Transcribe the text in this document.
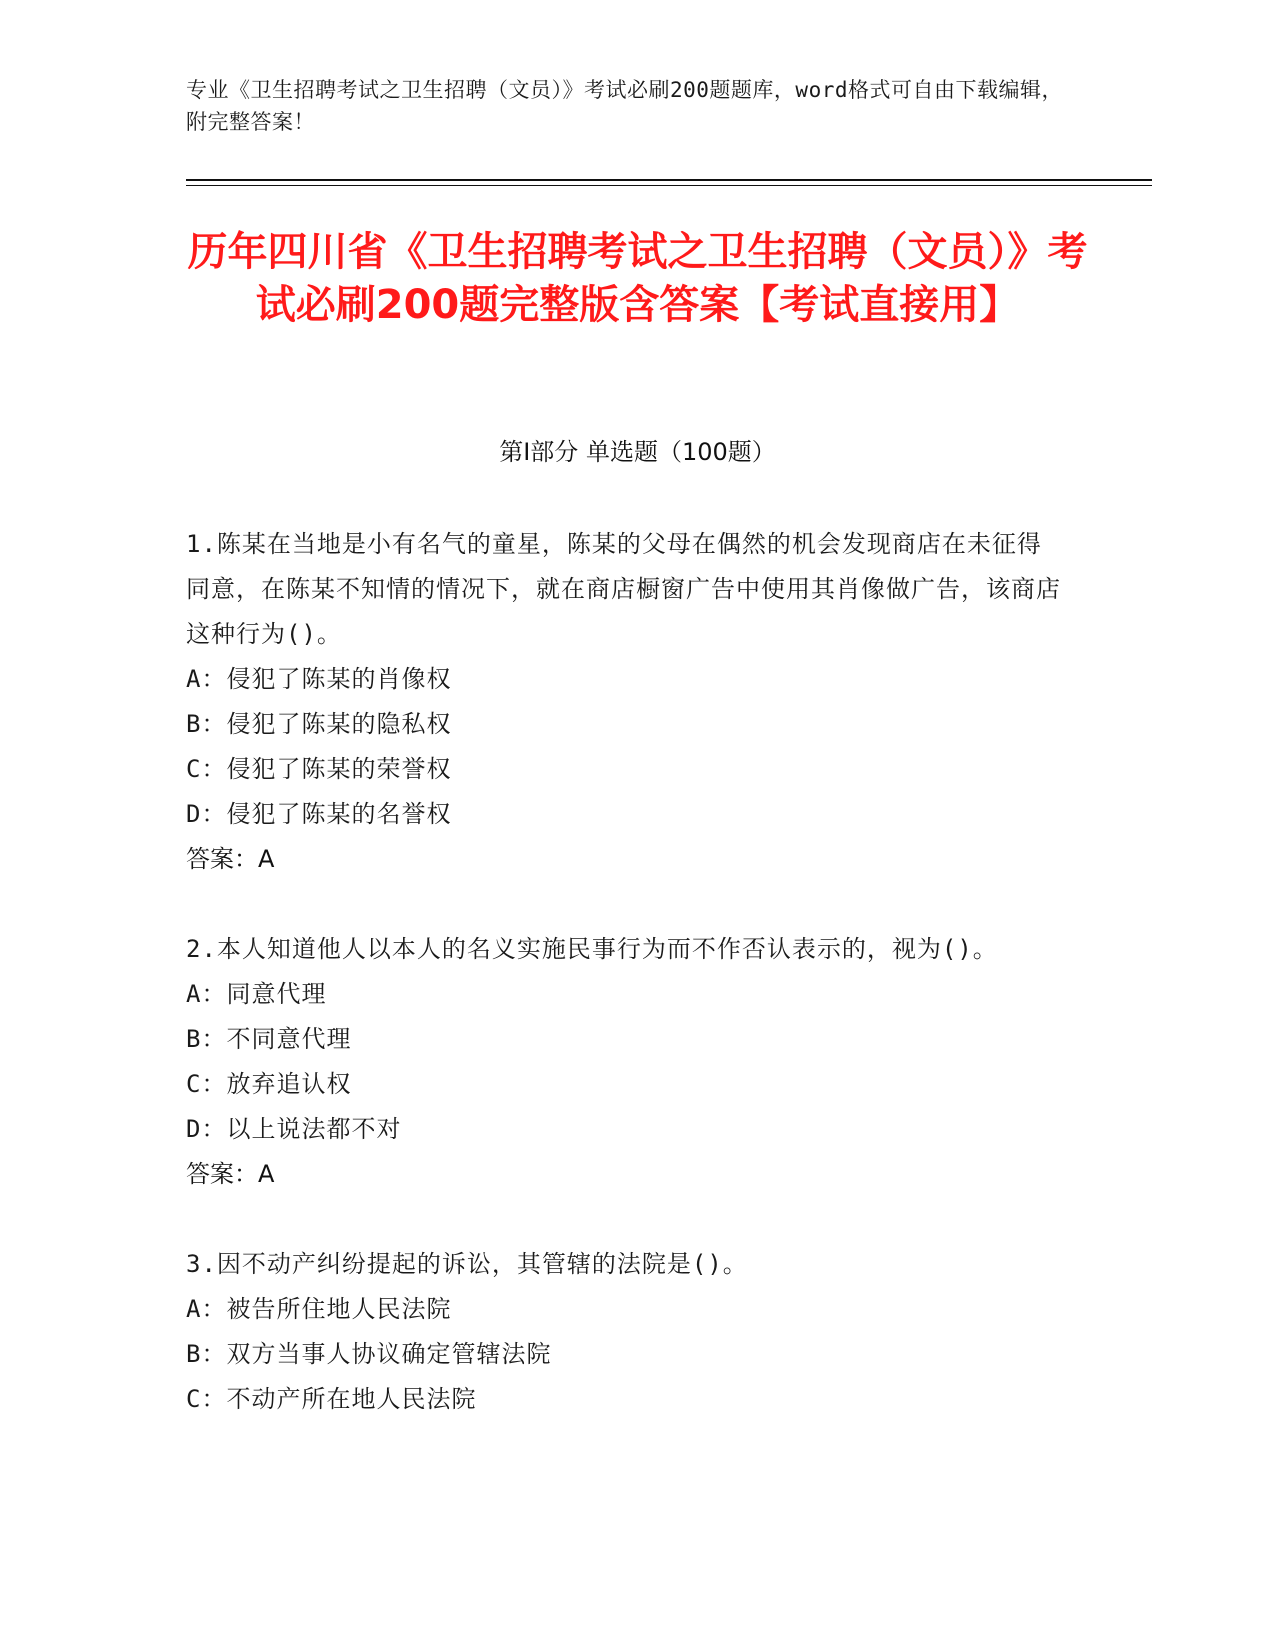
专业《卫生招聘考试之卫生招聘（文员）》考试必刷200题题库，word格式可自由下载编辑，附完整答案！
历年四川省《卫生招聘考试之卫生招聘（文员）》考试必刷200题完整版含答案【考试直接用】
第Ⅰ部分 单选题（100题）

1.陈某在当地是小有名气的童星，陈某的父母在偶然的机会发现商店在未征得同意，在陈某不知情的情况下，就在商店橱窗广告中使用其肖像做广告，该商店这种行为()。

A：侵犯了陈某的肖像权

B：侵犯了陈某的隐私权

C：侵犯了陈某的荣誉权

D：侵犯了陈某的名誉权

答案：A

2.本人知道他人以本人的名义实施民事行为而不作否认表示的，视为()。

A：同意代理

B：不同意代理

C：放弃追认权

D：以上说法都不对

答案：A

3.因不动产纠纷提起的诉讼，其管辖的法院是()。

A：被告所住地人民法院

B：双方当事人协议确定管辖法院

C：不动产所在地人民法院
